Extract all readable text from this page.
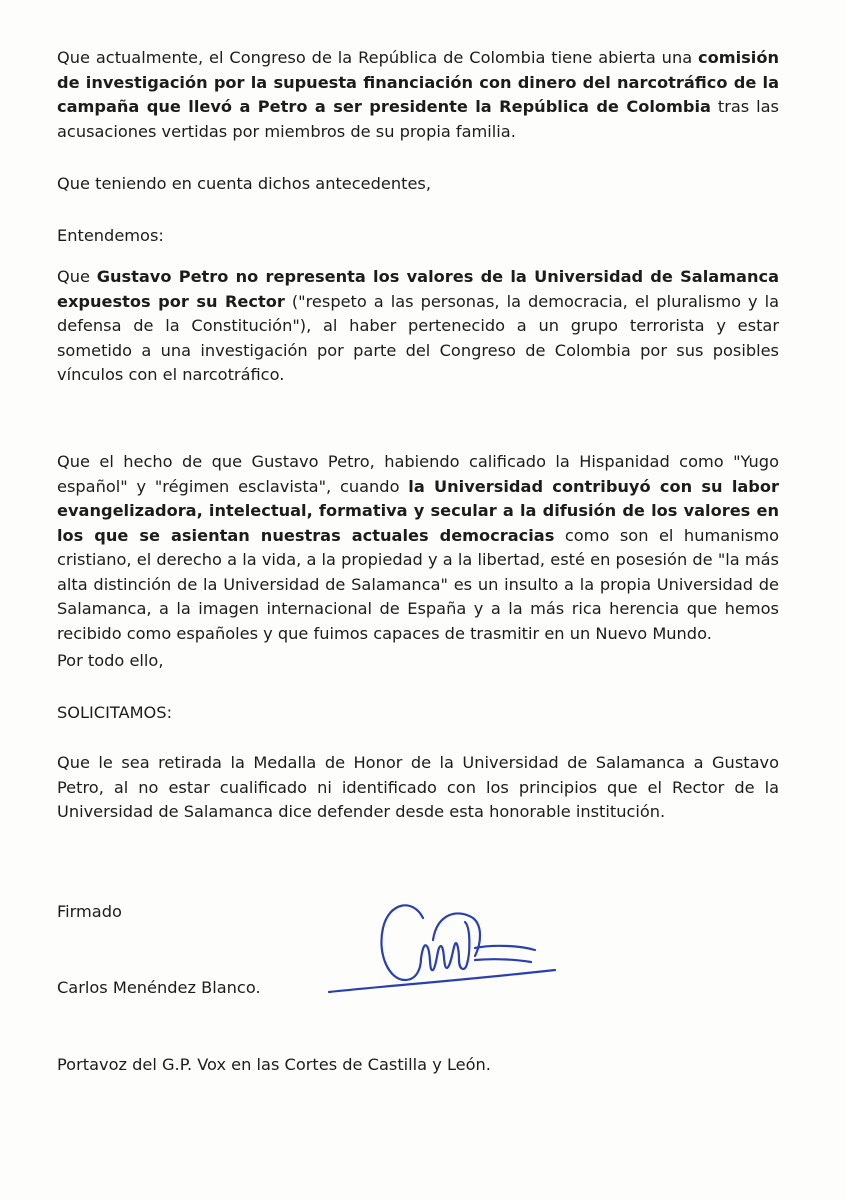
Que actualmente, el Congreso de la República de Colombia tiene abierta una comisión de investigación por la supuesta financiación con dinero del narcotráfico de la campaña que llevó a Petro a ser presidente la República de Colombia tras las acusaciones vertidas por miembros de su propia familia.

Que teniendo en cuenta dichos antecedentes,

Entendemos:

Que Gustavo Petro no representa los valores de la Universidad de Salamanca expuestos por su Rector ("respeto a las personas, la democracia, el pluralismo y la defensa de la Constitución"), al haber pertenecido a un grupo terrorista y estar sometido a una investigación por parte del Congreso de Colombia por sus posibles vínculos con el narcotráfico.

Que el hecho de que Gustavo Petro, habiendo calificado la Hispanidad como "Yugo español" y "régimen esclavista", cuando la Universidad contribuyó con su labor evangelizadora, intelectual, formativa y secular a la difusión de los valores en los que se asientan nuestras actuales democracias como son el humanismo cristiano, el derecho a la vida, a la propiedad y a la libertad, esté en posesión de "la más alta distinción de la Universidad de Salamanca" es un insulto a la propia Universidad de Salamanca, a la imagen internacional de España y a la más rica herencia que hemos recibido como españoles y que fuimos capaces de trasmitir en un Nuevo Mundo.

Por todo ello,

SOLICITAMOS:

Que le sea retirada la Medalla de Honor de la Universidad de Salamanca a Gustavo Petro, al no estar cualificado ni identificado con los principios que el Rector de la Universidad de Salamanca dice defender desde esta honorable institución.

Firmado

Carlos Menéndez Blanco.

Portavoz del G.P. Vox en las Cortes de Castilla y León.
